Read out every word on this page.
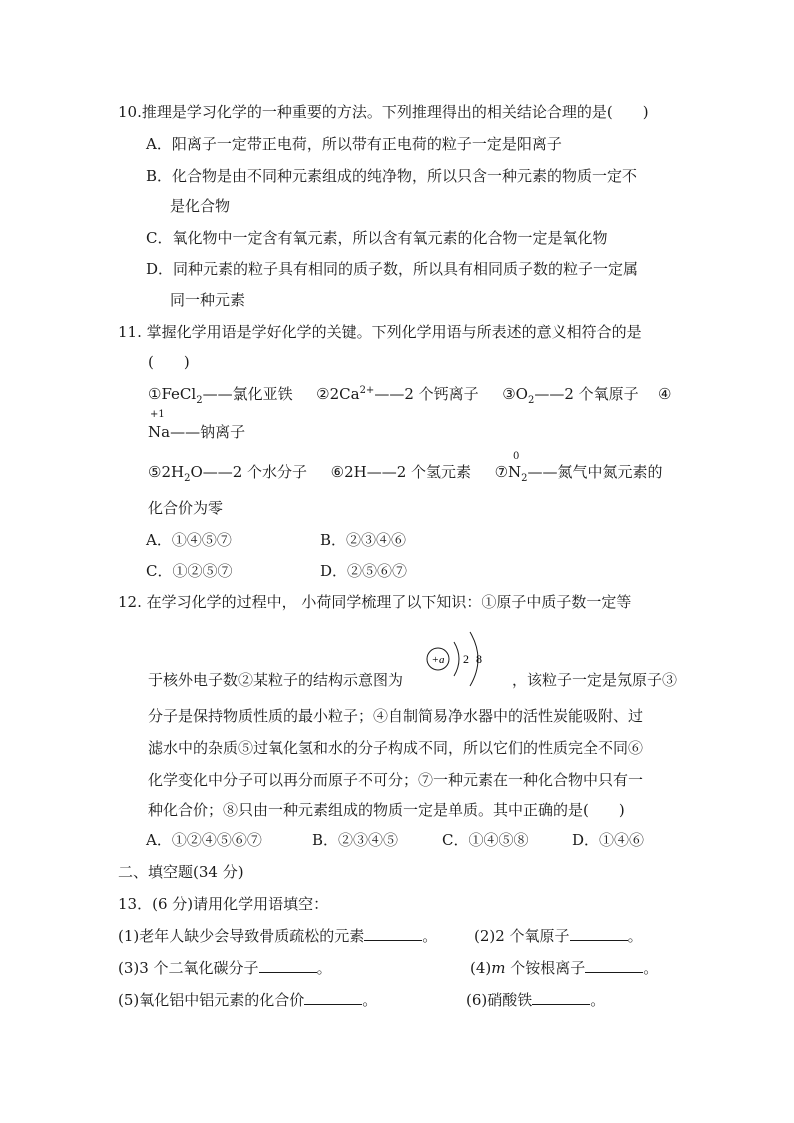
10.推理是学习化学的一种重要的方法。下列推理得出的相关结论合理的是(　　)
A．阳离子一定带正电荷，所以带有正电荷的粒子一定是阳离子
B．化合物是由不同种元素组成的纯净物，所以只含一种元素的物质一定不
是化合物
C．氧化物中一定含有氧元素，所以含有氧元素的化合物一定是氧化物
D．同种元素的粒子具有相同的质子数，所以具有相同质子数的粒子一定属
同一种元素
11. 掌握化学用语是学好化学的关键。下列化学用语与所表述的意义相符合的是
(　　)
①FeCl$_2$——氯化亚铁 $②2Ca^{2+}——2$ 个钙离子 $③O_2——2$ 个氧原子 ④
+1
Na——钠离子
$⑤2H_2O——2$ 个水分子 ⑥2H——2 个氢元素 $⑦N_2——$氮气中氮元素的
0
化合价为零
A．①④⑤⑦	B．②③④⑥
C．①②⑤⑦	D．②⑤⑥⑦
12. 在学习化学的过程中， 小荷同学梳理了以下知识：①原子中质子数一定等
+a 2 8
于核外电子数②某粒子的结构示意图为	，该粒子一定是氖原子③
分子是保持物质性质的最小粒子；④自制简易净水器中的活性炭能吸附、过
滤水中的杂质⑤过氧化氢和水的分子构成不同，所以它们的性质完全不同⑥
化学变化中分子可以再分而原子不可分；⑦一种元素在一种化合物中只有一
种化合价；⑧只由一种元素组成的物质一定是单质。其中正确的是(　　)
A．①②④⑤⑥⑦	B．②③④⑤	C．①④⑤⑧	D．①④⑥
二、填空题(34 分)
13．(6 分)请用化学用语填空：
(1)老年人缺少会导致骨质疏松的元素	。 (2)2 个氧原子	。
(3)3 个二氧化碳分子	。	(4)m 个铵根离子	。
(5)氧化铝中铝元素的化合价	。	(6)硝酸铁	。
